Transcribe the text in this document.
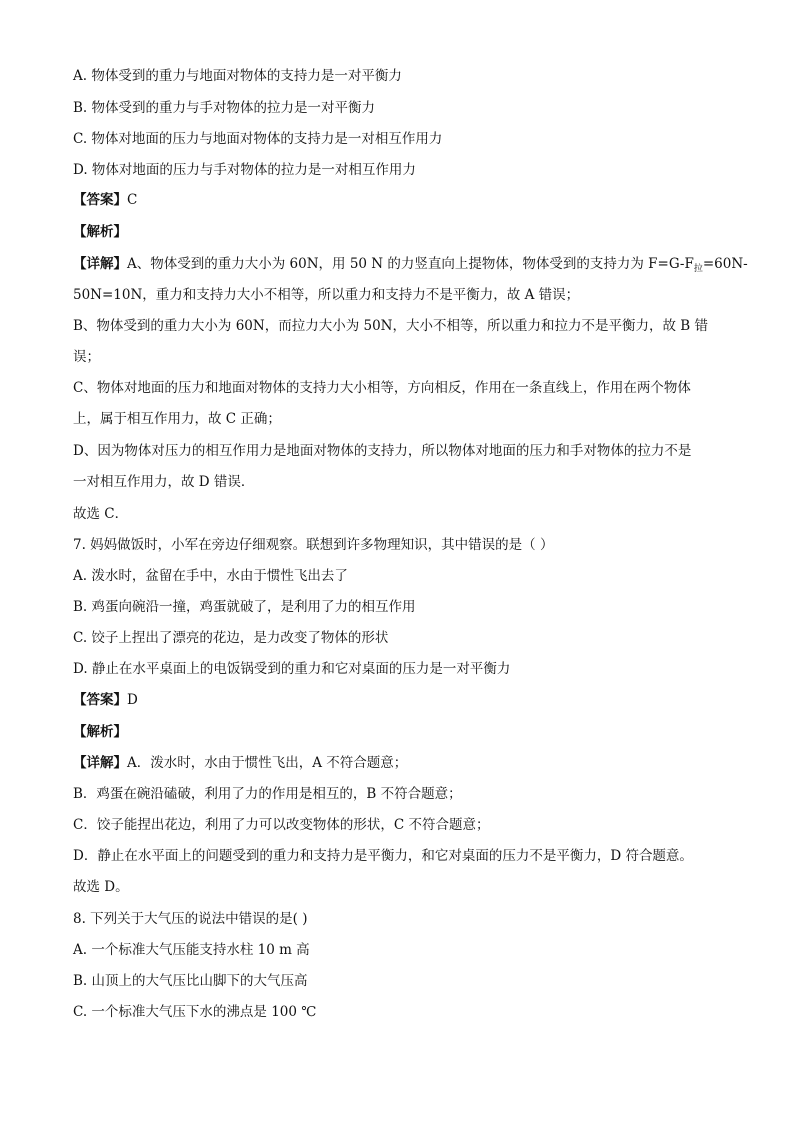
A. 物体受到的重力与地面对物体的支持力是一对平衡力
B. 物体受到的重力与手对物体的拉力是一对平衡力
C. 物体对地面的压力与地面对物体的支持力是一对相互作用力
D. 物体对地面的压力与手对物体的拉力是一对相互作用力
【答案】C
【解析】
【详解】A、物体受到的重力大小为 60N，用 50 N 的力竖直向上提物体，物体受到的支持力为 $F=G-F_拉=60N-$
50N=10N，重力和支持力大小不相等，所以重力和支持力不是平衡力，故 A 错误；
B、物体受到的重力大小为 60N，而拉力大小为 50N，大小不相等，所以重力和拉力不是平衡力，故 B 错
误；
C、物体对地面的压力和地面对物体的支持力大小相等，方向相反，作用在一条直线上，作用在两个物体
上，属于相互作用力，故 C 正确；
D、因为物体对压力的相互作用力是地面对物体的支持力，所以物体对地面的压力和手对物体的拉力不是
一对相互作用力，故 D 错误．
故选 C．
7. 妈妈做饭时，小军在旁边仔细观察。联想到许多物理知识，其中错误的是（ ）
A. 泼水时，盆留在手中，水由于惯性飞出去了
B. 鸡蛋向碗沿一撞，鸡蛋就破了，是利用了力的相互作用
C. 饺子上捏出了漂亮的花边，是力改变了物体的形状
D. 静止在水平桌面上的电饭锅受到的重力和它对桌面的压力是一对平衡力
【答案】D
【解析】
【详解】A．泼水时，水由于惯性飞出，A 不符合题意；
B．鸡蛋在碗沿磕破，利用了力的作用是相互的，B 不符合题意；
C．饺子能捏出花边，利用了力可以改变物体的形状，C 不符合题意；
D．静止在水平面上的问题受到的重力和支持力是平衡力，和它对桌面的压力不是平衡力，D 符合题意。
故选 D。
8. 下列关于大气压的说法中错误的是( )
A. 一个标准大气压能支持水柱 10 m 高
B. 山顶上的大气压比山脚下的大气压高
C. 一个标准大气压下水的沸点是 100 ℃
